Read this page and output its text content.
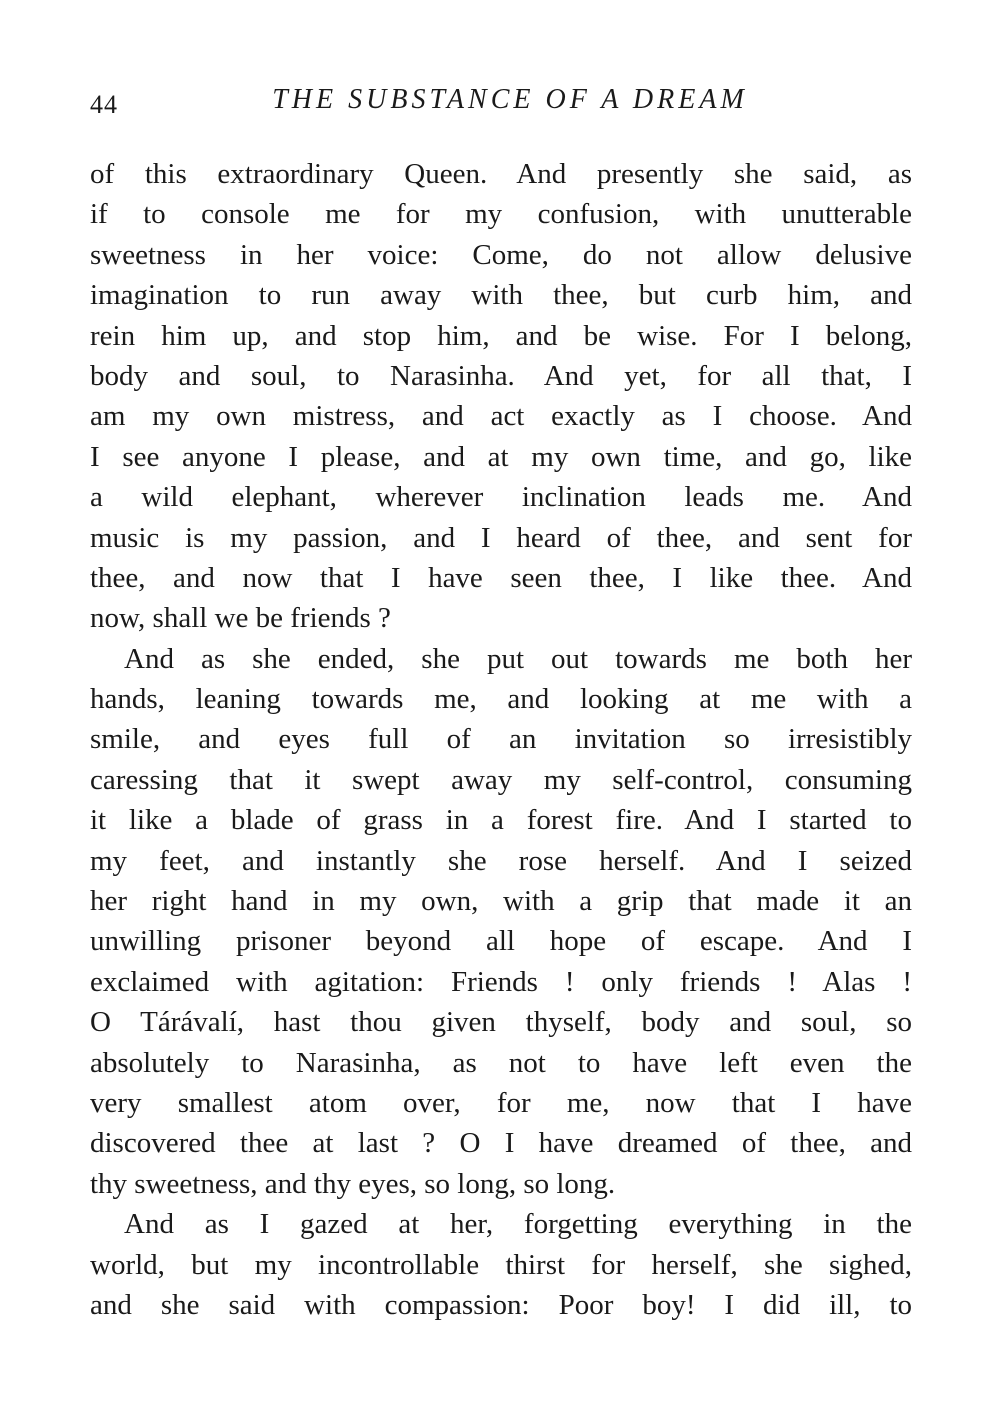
44	THE SUBSTANCE OF A DREAM
of this extraordinary Queen. And presently she said, as
if to console me for my confusion, with unutterable
sweetness in her voice: Come, do not allow delusive
imagination to run away with thee, but curb him, and
rein him up, and stop him, and be wise. For I belong,
body and soul, to Narasinha. And yet, for all that, I
am my own mistress, and act exactly as I choose. And
I see anyone I please, and at my own time, and go, like
a wild elephant, wherever inclination leads me. And
music is my passion, and I heard of thee, and sent for
thee, and now that I have seen thee, I like thee. And
now, shall we be friends ?
And as she ended, she put out towards me both her
hands, leaning towards me, and looking at me with a
smile, and eyes full of an invitation so irresistibly
caressing that it swept away my self-control, consuming
it like a blade of grass in a forest fire. And I started to
my feet, and instantly she rose herself. And I seized
her right hand in my own, with a grip that made it an
unwilling prisoner beyond all hope of escape. And I
exclaimed with agitation: Friends ! only friends ! Alas !
O Tárávalí, hast thou given thyself, body and soul, so
absolutely to Narasinha, as not to have left even the
very smallest atom over, for me, now that I have
discovered thee at last ? O I have dreamed of thee, and
thy sweetness, and thy eyes, so long, so long.
And as I gazed at her, forgetting everything in the
world, but my incontrollable thirst for herself, she sighed,
and she said with compassion: Poor boy! I did ill, to
